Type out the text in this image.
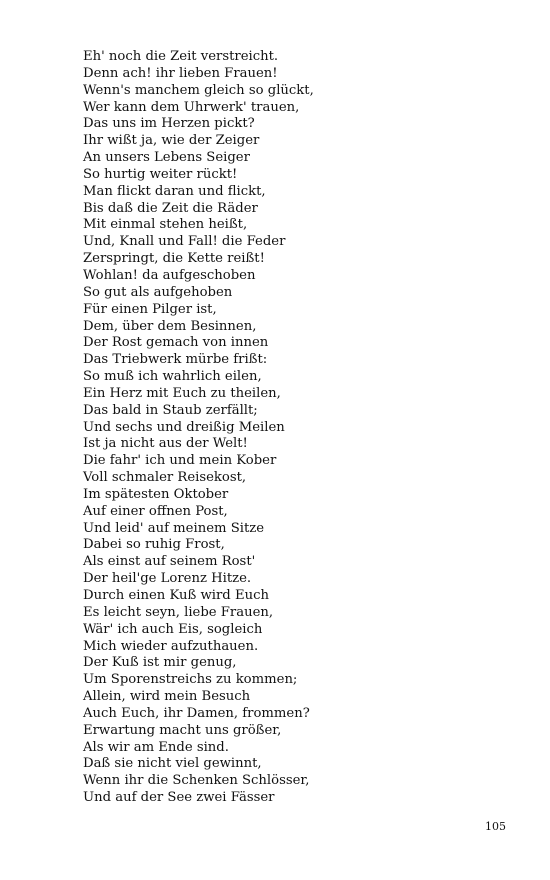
Eh' noch die Zeit verstreicht.
Denn ach! ihr lieben Frauen!
Wenn's manchem gleich so glückt,
Wer kann dem Uhrwerk' trauen,
Das uns im Herzen pickt?
Ihr wißt ja, wie der Zeiger
An unsers Lebens Seiger
So hurtig weiter rückt!
Man flickt daran und flickt,
Bis daß die Zeit die Räder
Mit einmal stehen heißt,
Und, Knall und Fall! die Feder
Zerspringt, die Kette reißt!
Wohlan! da aufgeschoben
So gut als aufgehoben
Für einen Pilger ist,
Dem, über dem Besinnen,
Der Rost gemach von innen
Das Triebwerk mürbe frißt:
So muß ich wahrlich eilen,
Ein Herz mit Euch zu theilen,
Das bald in Staub zerfällt;
Und sechs und dreißig Meilen
Ist ja nicht aus der Welt!
Die fahr' ich und mein Kober
Voll schmaler Reisekost,
Im spätesten Oktober
Auf einer offnen Post,
Und leid' auf meinem Sitze
Dabei so ruhig Frost,
Als einst auf seinem Rost'
Der heil'ge Lorenz Hitze.
Durch einen Kuß wird Euch
Es leicht seyn, liebe Frauen,
Wär' ich auch Eis, sogleich
Mich wieder aufzuthauen.
Der Kuß ist mir genug,
Um Sporenstreichs zu kommen;
Allein, wird mein Besuch
Auch Euch, ihr Damen, frommen?
Erwartung macht uns größer,
Als wir am Ende sind.
Daß sie nicht viel gewinnt,
Wenn ihr die Schenken Schlösser,
Und auf der See zwei Fässer
105
